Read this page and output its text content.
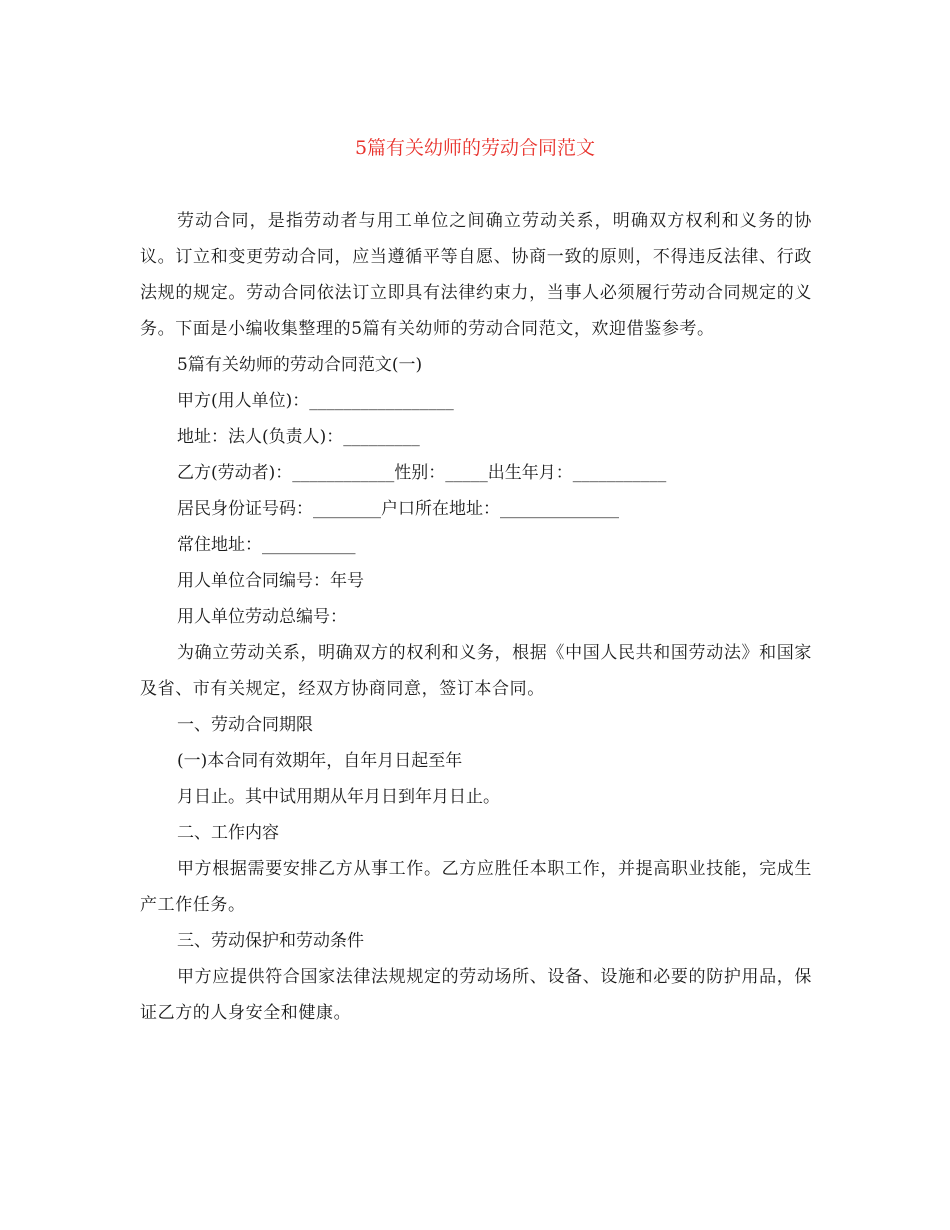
5篇有关幼师的劳动合同范文

劳动合同，是指劳动者与用工单位之间确立劳动关系，明确双方权利和义务的协议。订立和变更劳动合同，应当遵循平等自愿、协商一致的原则，不得违反法律、行政法规的规定。劳动合同依法订立即具有法律约束力，当事人必须履行劳动合同规定的义务。下面是小编收集整理的5篇有关幼师的劳动合同范文，欢迎借鉴参考。

5篇有关幼师的劳动合同范文(一)

甲方(用人单位)：_________________

地址：法人(负责人)：_________

乙方(劳动者)：____________性别：_____出生年月：___________

居民身份证号码：________户口所在地址：______________

常住地址：___________

用人单位合同编号：年号

用人单位劳动总编号：

为确立劳动关系，明确双方的权利和义务，根据《中国人民共和国劳动法》和国家及省、市有关规定，经双方协商同意，签订本合同。

一、劳动合同期限

(一)本合同有效期年，自年月日起至年

月日止。其中试用期从年月日到年月日止。

二、工作内容

甲方根据需要安排乙方从事工作。乙方应胜任本职工作，并提高职业技能，完成生产工作任务。

三、劳动保护和劳动条件

甲方应提供符合国家法律法规规定的劳动场所、设备、设施和必要的防护用品，保证乙方的人身安全和健康。
